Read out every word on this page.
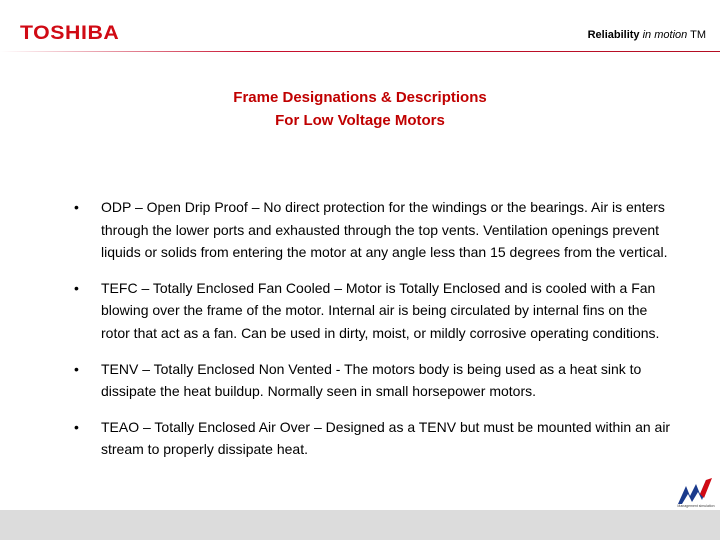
TOSHIBA	Reliability in motion TM
Frame Designations & Descriptions
For Low Voltage Motors
• ODP – Open Drip Proof – No direct protection for the windings or the bearings. Air is enters through the lower ports and exhausted through the top vents. Ventilation openings prevent liquids or solids from entering the motor at any angle less than 15 degrees from the vertical.
• TEFC – Totally Enclosed Fan Cooled – Motor is Totally Enclosed and is cooled with a Fan blowing over the frame of the motor. Internal air is being circulated by internal fins on the rotor that act as a fan. Can be used in dirty, moist, or mildly corrosive operating conditions.
• TENV – Totally Enclosed Non Vented - The motors body is being used as a heat sink to dissipate the heat buildup. Normally seen in small horsepower motors.
• TEAO – Totally Enclosed Air Over – Designed as a TENV but must be mounted within an air stream to properly dissipate heat.
Management simulation
